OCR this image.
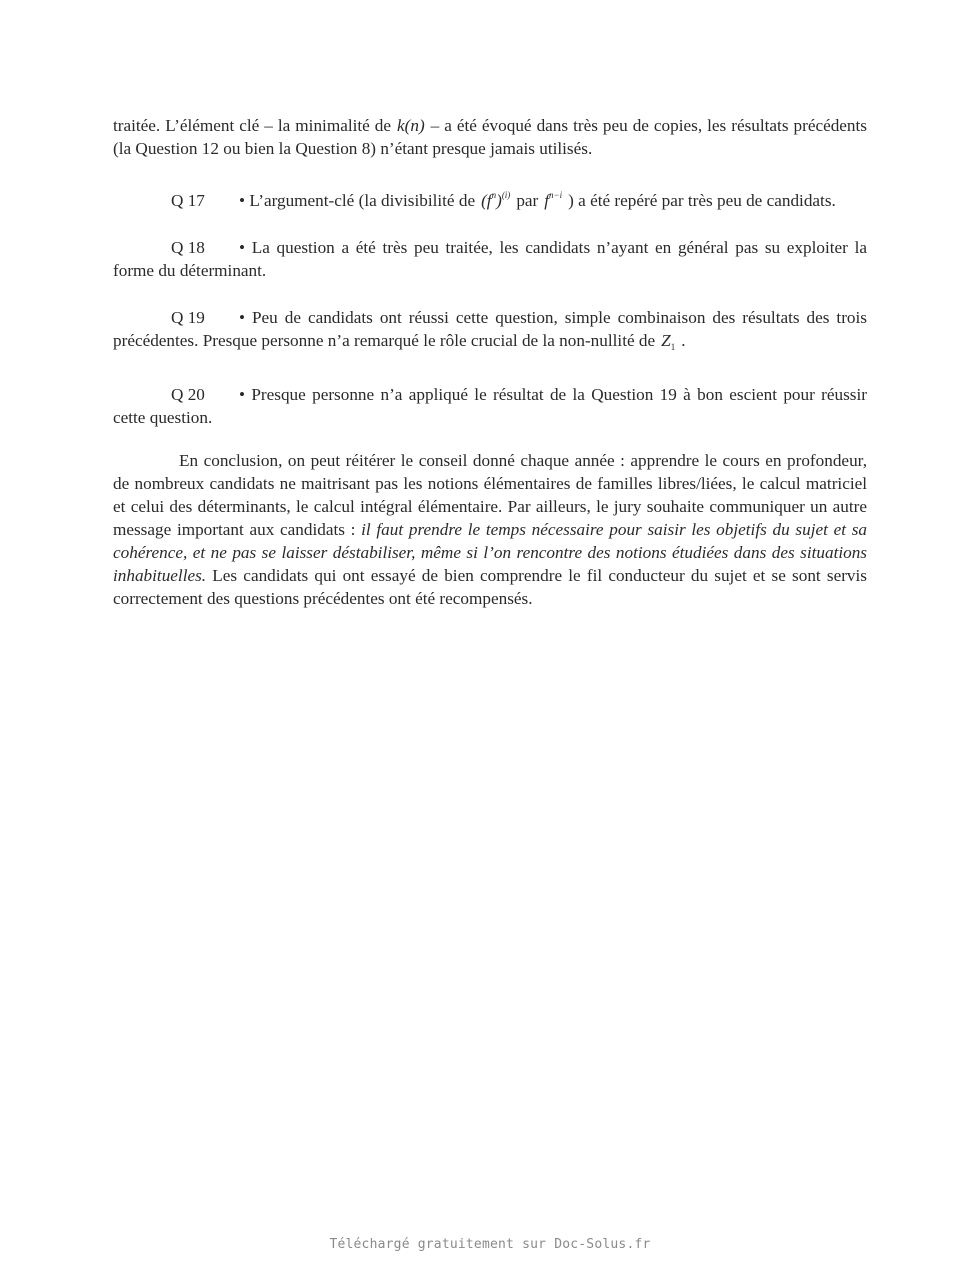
traitée. L’élément clé – la minimalité de k(n) – a été évoqué dans très peu de copies, les résultats précédents (la Question 12 ou bien la Question 8) n’étant presque jamais utilisés.

Q 17 • L’argument-clé (la divisibilité de $(f^n)^{(i)}$ par $f^{n-i}$ ) a été repéré par très peu de candidats.

Q 18 • La question a été très peu traitée, les candidats n’ayant en général pas su exploiter la forme du déterminant.

Q 19 • Peu de candidats ont réussi cette question, simple combinaison des résultats des trois précédentes. Presque personne n’a remarqué le rôle crucial de la non-nullité de $Z_1$ .

Q 20 • Presque personne n’a appliqué le résultat de la Question 19 à bon escient pour réussir cette question.

En conclusion, on peut réitérer le conseil donné chaque année : apprendre le cours en profondeur, de nombreux candidats ne maitrisant pas les notions élémentaires de familles libres/liées, le calcul matriciel et celui des déterminants, le calcul intégral élémentaire. Par ailleurs, le jury souhaite communiquer un autre message important aux candidats : il faut prendre le temps nécessaire pour saisir les objetifs du sujet et sa cohérence, et ne pas se laisser déstabiliser, même si l’on rencontre des notions étudiées dans des situations inhabituelles. Les candidats qui ont essayé de bien comprendre le fil conducteur du sujet et se sont servis correctement des questions précédentes ont été recompensés.

Téléchargé gratuitement sur Doc-Solus.fr
